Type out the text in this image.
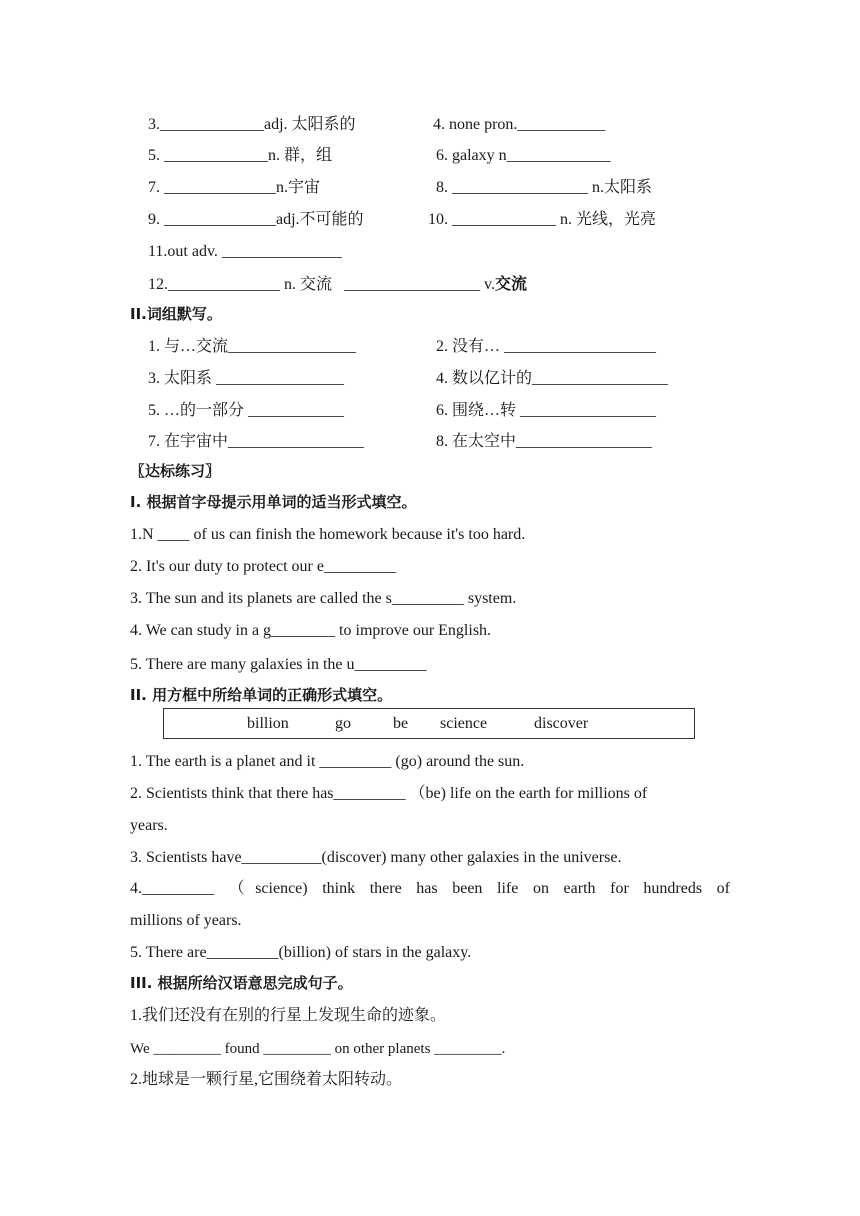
3._____________adj. 太阳系的	4. none pron.___________
5. _____________n. 群，组	6. galaxy n_____________
7. ______________n.宇宙	8. _________________ n.太阳系
9. ______________adj.不可能的	10. _____________ n. 光线，光亮
11.out adv. _______________
12.______________ n. 交流 _________________ v.交流
II.词组默写。
1. 与…交流________________	2. 没有… ___________________
3. 太阳系 ________________	4. 数以亿计的_________________
5. …的一部分 ____________	6. 围绕…转 _________________
7. 在宇宙中_________________	8. 在太空中_________________
〖达标练习〗
I. 根据首字母提示用单词的适当形式填空。
1.N ____ of us can finish the homework because it's too hard.
2. It's our duty to protect our e_________
3. The sun and its planets are called the s_________ system.
4. We can study in a g________ to improve our English.
5. There are many galaxies in the u_________
II. 用方框中所给单词的正确形式填空。
billion	go	be science	discover
1. The earth is a planet and it _________ (go) around the sun.
2. Scientists think that there has_________ （be) life on the earth for millions of
years.
3. Scientists have__________(discover) many other galaxies in the universe.
4._________ （science) think there has been life on earth for hundreds of
millions of years.
5. There are_________(billion) of stars in the galaxy.
III. 根据所给汉语意思完成句子。
1.我们还没有在别的行星上发现生命的迹象。
We _________ found _________ on other planets _________.
2.地球是一颗行星,它围绕着太阳转动。
